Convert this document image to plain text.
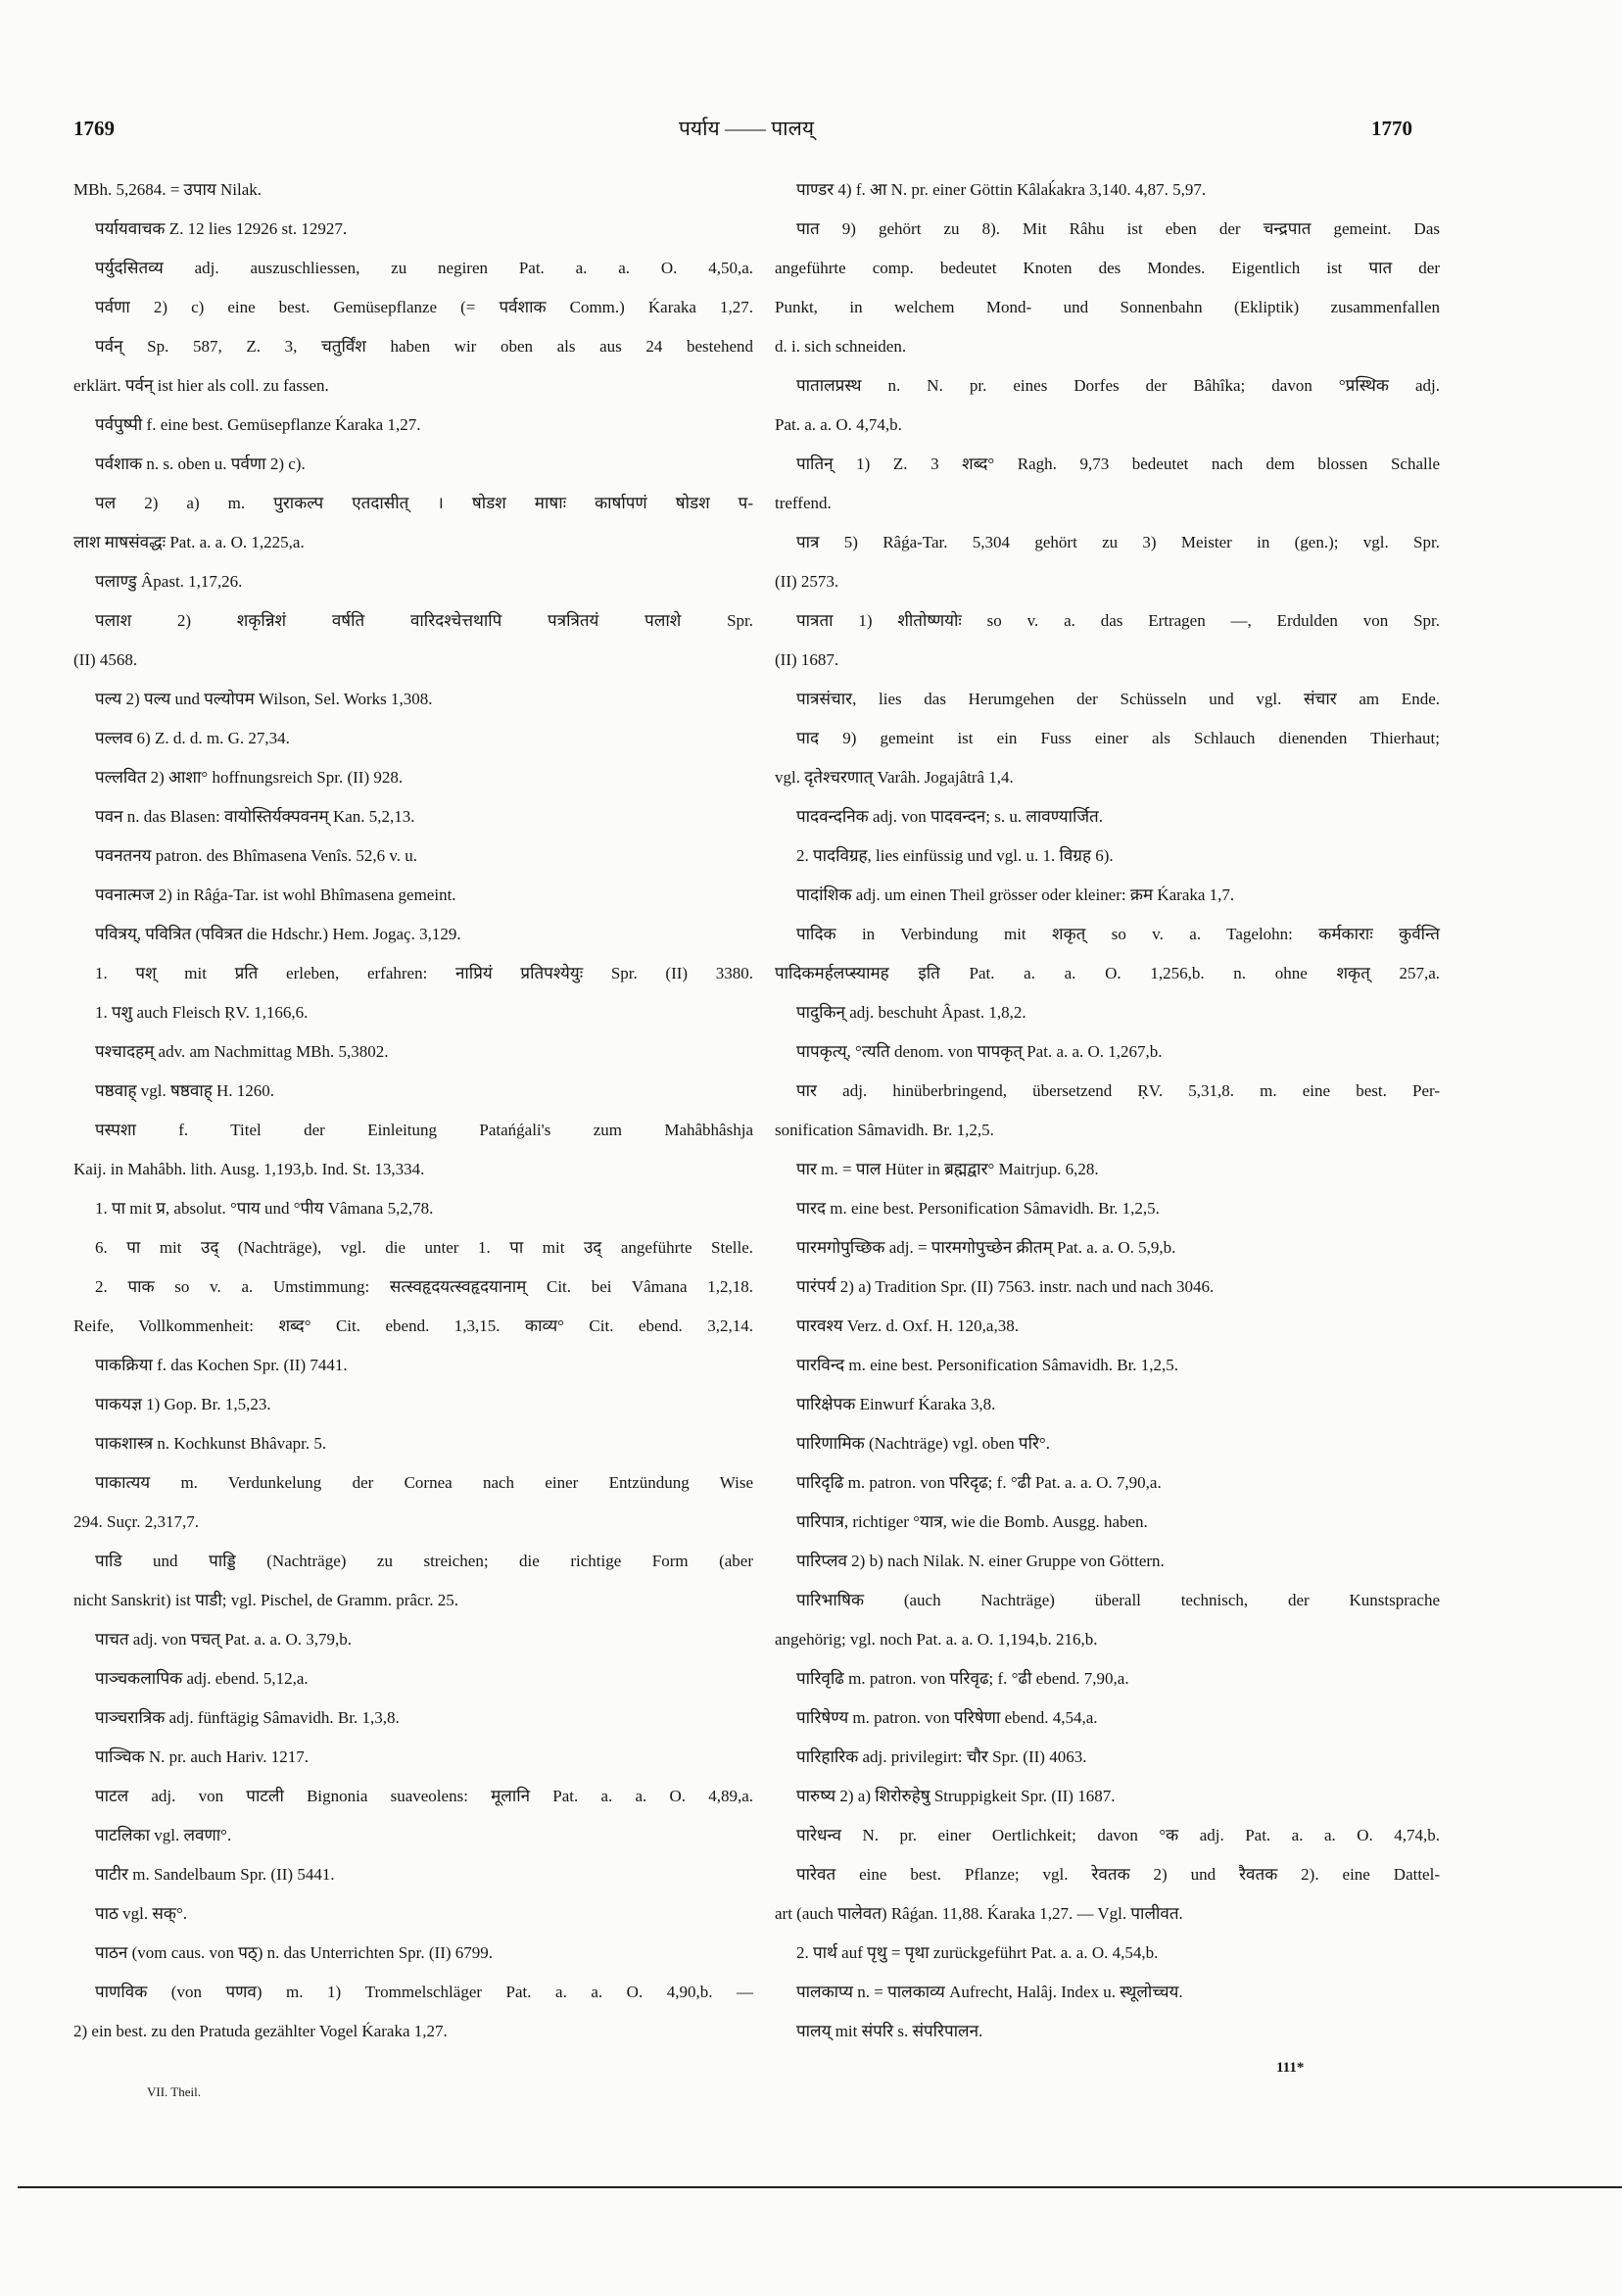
1769	पर्याय —— पालय्	1770
MBh. 5,2684. = उपाय Nilak.
पर्यायवाचक Z. 12 lies 12926 st. 12927.
पर्युदसितव्य adj. auszuschliessen, zu negiren Pat. a. a. O. 4,50,a.
पर्वणा 2) c) eine best. Gemüsepflanze (= पर्वशाक Comm.) Ḱaraka 1,27.
पर्वन् Sp. 587, Z. 3, चतुर्विंश haben wir oben als aus 24 bestehend
erklärt. पर्वन् ist hier als coll. zu fassen.
पर्वपुष्पी f. eine best. Gemüsepflanze Ḱaraka 1,27.
पर्वशाक n. s. oben u. पर्वणा 2) c).
पल 2) a) m. पुराकल्प एतदासीत् । षोडश माषाः कार्षापणं षोडश प-
लाश माषसंवद्धः Pat. a. a. O. 1,225,a.
पलाण्डु Âpast. 1,17,26.
पलाश 2) शकृन्निशं वर्षति वारिदश्चेत्तथापि पत्रत्रितयं पलाशे Spr.
(II) 4568.
पल्य 2) पल्य und पल्योपम Wilson, Sel. Works 1,308.
पल्लव 6) Z. d. d. m. G. 27,34.
पल्लवित 2) आशा° hoffnungsreich Spr. (II) 928.
पवन n. das Blasen: वायोस्तिर्यक्पवनम् Kan. 5,2,13.
पवनतनय patron. des Bhîmasena Venîs. 52,6 v. u.
पवनात्मज 2) in Râǵa-Tar. ist wohl Bhîmasena gemeint.
पवित्रय्, पवित्रित (पवित्रत die Hdschr.) Hem. Jogaç. 3,129.
1. पश् mit प्रति erleben, erfahren: नाप्रियं प्रतिपश्येयुः Spr. (II) 3380.
1. पशु auch Fleisch ṚV. 1,166,6.
पश्चादहम् adv. am Nachmittag MBh. 5,3802.
पष्ठवाह् vgl. षष्ठवाह् H. 1260.
पस्पशा f. Titel der Einleitung Patańǵali's zum Mahâbhâshja
Kaij. in Mahâbh. lith. Ausg. 1,193,b. Ind. St. 13,334.
1. पा mit प्र, absolut. °पाय und °पीय Vâmana 5,2,78.
6. पा mit उद् (Nachträge), vgl. die unter 1. पा mit उद् angeführte Stelle.
2. पाक so v. a. Umstimmung: सत्स्वहृदयत्स्वहृदयानाम् Cit. bei Vâmana 1,2,18.
Reife, Vollkommenheit: शब्द° Cit. ebend. 1,3,15. काव्य° Cit. ebend. 3,2,14.
पाकक्रिया f. das Kochen Spr. (II) 7441.
पाकयज्ञ 1) Gop. Br. 1,5,23.
पाकशास्त्र n. Kochkunst Bhâvapr. 5.
पाकात्यय m. Verdunkelung der Cornea nach einer Entzündung Wise
294. Suçr. 2,317,7.
पाडि und पाड्डि (Nachträge) zu streichen; die richtige Form (aber
nicht Sanskrit) ist पाडी; vgl. Pischel, de Gramm. prâcr. 25.
पाचत adj. von पचत् Pat. a. a. O. 3,79,b.
पाञ्चकलापिक adj. ebend. 5,12,a.
पाञ्चरात्रिक adj. fünftägig Sâmavidh. Br. 1,3,8.
पाञ्चिक N. pr. auch Hariv. 1217.
पाटल adj. von पाटली Bignonia suaveolens: मूलानि Pat. a. a. O. 4,89,a.
पाटलिका vgl. लवणा°.
पाटीर m. Sandelbaum Spr. (II) 5441.
पाठ vgl. सक्°.
पाठन (vom caus. von पठ्) n. das Unterrichten Spr. (II) 6799.
पाणविक (von पणव) m. 1) Trommelschläger Pat. a. a. O. 4,90,b. —
2) ein best. zu den Pratuda gezählter Vogel Ḱaraka 1,27.
पाण्डर 4) f. आ N. pr. einer Göttin Kâlaḱakra 3,140. 4,87. 5,97.
पात 9) gehört zu 8). Mit Râhu ist eben der चन्द्रपात gemeint. Das
angeführte comp. bedeutet Knoten des Mondes. Eigentlich ist पात der
Punkt, in welchem Mond- und Sonnenbahn (Ekliptik) zusammenfallen
d. i. sich schneiden.
पातालप्रस्थ n. N. pr. eines Dorfes der Bâhîka; davon °प्रस्थिक adj.
Pat. a. a. O. 4,74,b.
पातिन् 1) Z. 3 शब्द° Ragh. 9,73 bedeutet nach dem blossen Schalle
treffend.
पात्र 5) Râǵa-Tar. 5,304 gehört zu 3) Meister in (gen.); vgl. Spr.
(II) 2573.
पात्रता 1) शीतोष्णयोः so v. a. das Ertragen —, Erdulden von Spr.
(II) 1687.
पात्रसंचार, lies das Herumgehen der Schüsseln und vgl. संचार am Ende.
पाद 9) gemeint ist ein Fuss einer als Schlauch dienenden Thierhaut;
vgl. दृतेश्चरणात् Varâh. Jogajâtrâ 1,4.
पादवन्दनिक adj. von पादवन्दन; s. u. लावण्यार्जित.
2. पादविग्रह, lies einfüssig und vgl. u. 1. विग्रह 6).
पादांशिक adj. um einen Theil grösser oder kleiner: क्रम Ḱaraka 1,7.
पादिक in Verbindung mit शकृत् so v. a. Tagelohn: कर्मकाराः कुर्वन्ति
पादिकमर्हलप्स्यामह इति Pat. a. a. O. 1,256,b. n. ohne शकृत् 257,a.
पादुकिन् adj. beschuht Âpast. 1,8,2.
पापकृत्य्, °त्यति denom. von पापकृत् Pat. a. a. O. 1,267,b.
पार adj. hinüberbringend, übersetzend ṚV. 5,31,8. m. eine best. Per-
sonification Sâmavidh. Br. 1,2,5.
पार m. = पाल Hüter in ब्रह्मद्वार° Maitrjup. 6,28.
पारद m. eine best. Personification Sâmavidh. Br. 1,2,5.
पारमगोपुच्छिक adj. = पारमगोपुच्छेन क्रीतम् Pat. a. a. O. 5,9,b.
पारंपर्य 2) a) Tradition Spr. (II) 7563. instr. nach und nach 3046.
पारवश्य Verz. d. Oxf. H. 120,a,38.
पारविन्द m. eine best. Personification Sâmavidh. Br. 1,2,5.
पारिक्षेपक Einwurf Ḱaraka 3,8.
पारिणामिक (Nachträge) vgl. oben परि°.
पारिदृढि m. patron. von परिदृढ; f. °ढी Pat. a. a. O. 7,90,a.
पारिपात्र, richtiger °यात्र, wie die Bomb. Ausgg. haben.
पारिप्लव 2) b) nach Nilak. N. einer Gruppe von Göttern.
पारिभाषिक (auch Nachträge) überall technisch, der Kunstsprache
angehörig; vgl. noch Pat. a. a. O. 1,194,b. 216,b.
पारिवृढि m. patron. von परिवृढ; f. °ढी ebend. 7,90,a.
पारिषेण्य m. patron. von परिषेणा ebend. 4,54,a.
पारिहारिक adj. privilegirt: चौर Spr. (II) 4063.
पारुष्य 2) a) शिरोरुहेषु Struppigkeit Spr. (II) 1687.
पारेधन्व N. pr. einer Oertlichkeit; davon °क adj. Pat. a. a. O. 4,74,b.
पारेवत eine best. Pflanze; vgl. रेवतक 2) und रैवतक 2). eine Dattel-
art (auch पालेवत) Râǵan. 11,88. Ḱaraka 1,27. — Vgl. पालीवत.
2. पार्थ auf पृथु = पृथा zurückgeführt Pat. a. a. O. 4,54,b.
पालकाप्य n. = पालकाव्य Aufrecht, Halâj. Index u. स्थूलोच्चय.
पालय् mit संपरि s. संपरिपालन.
111*
VII. Theil.
